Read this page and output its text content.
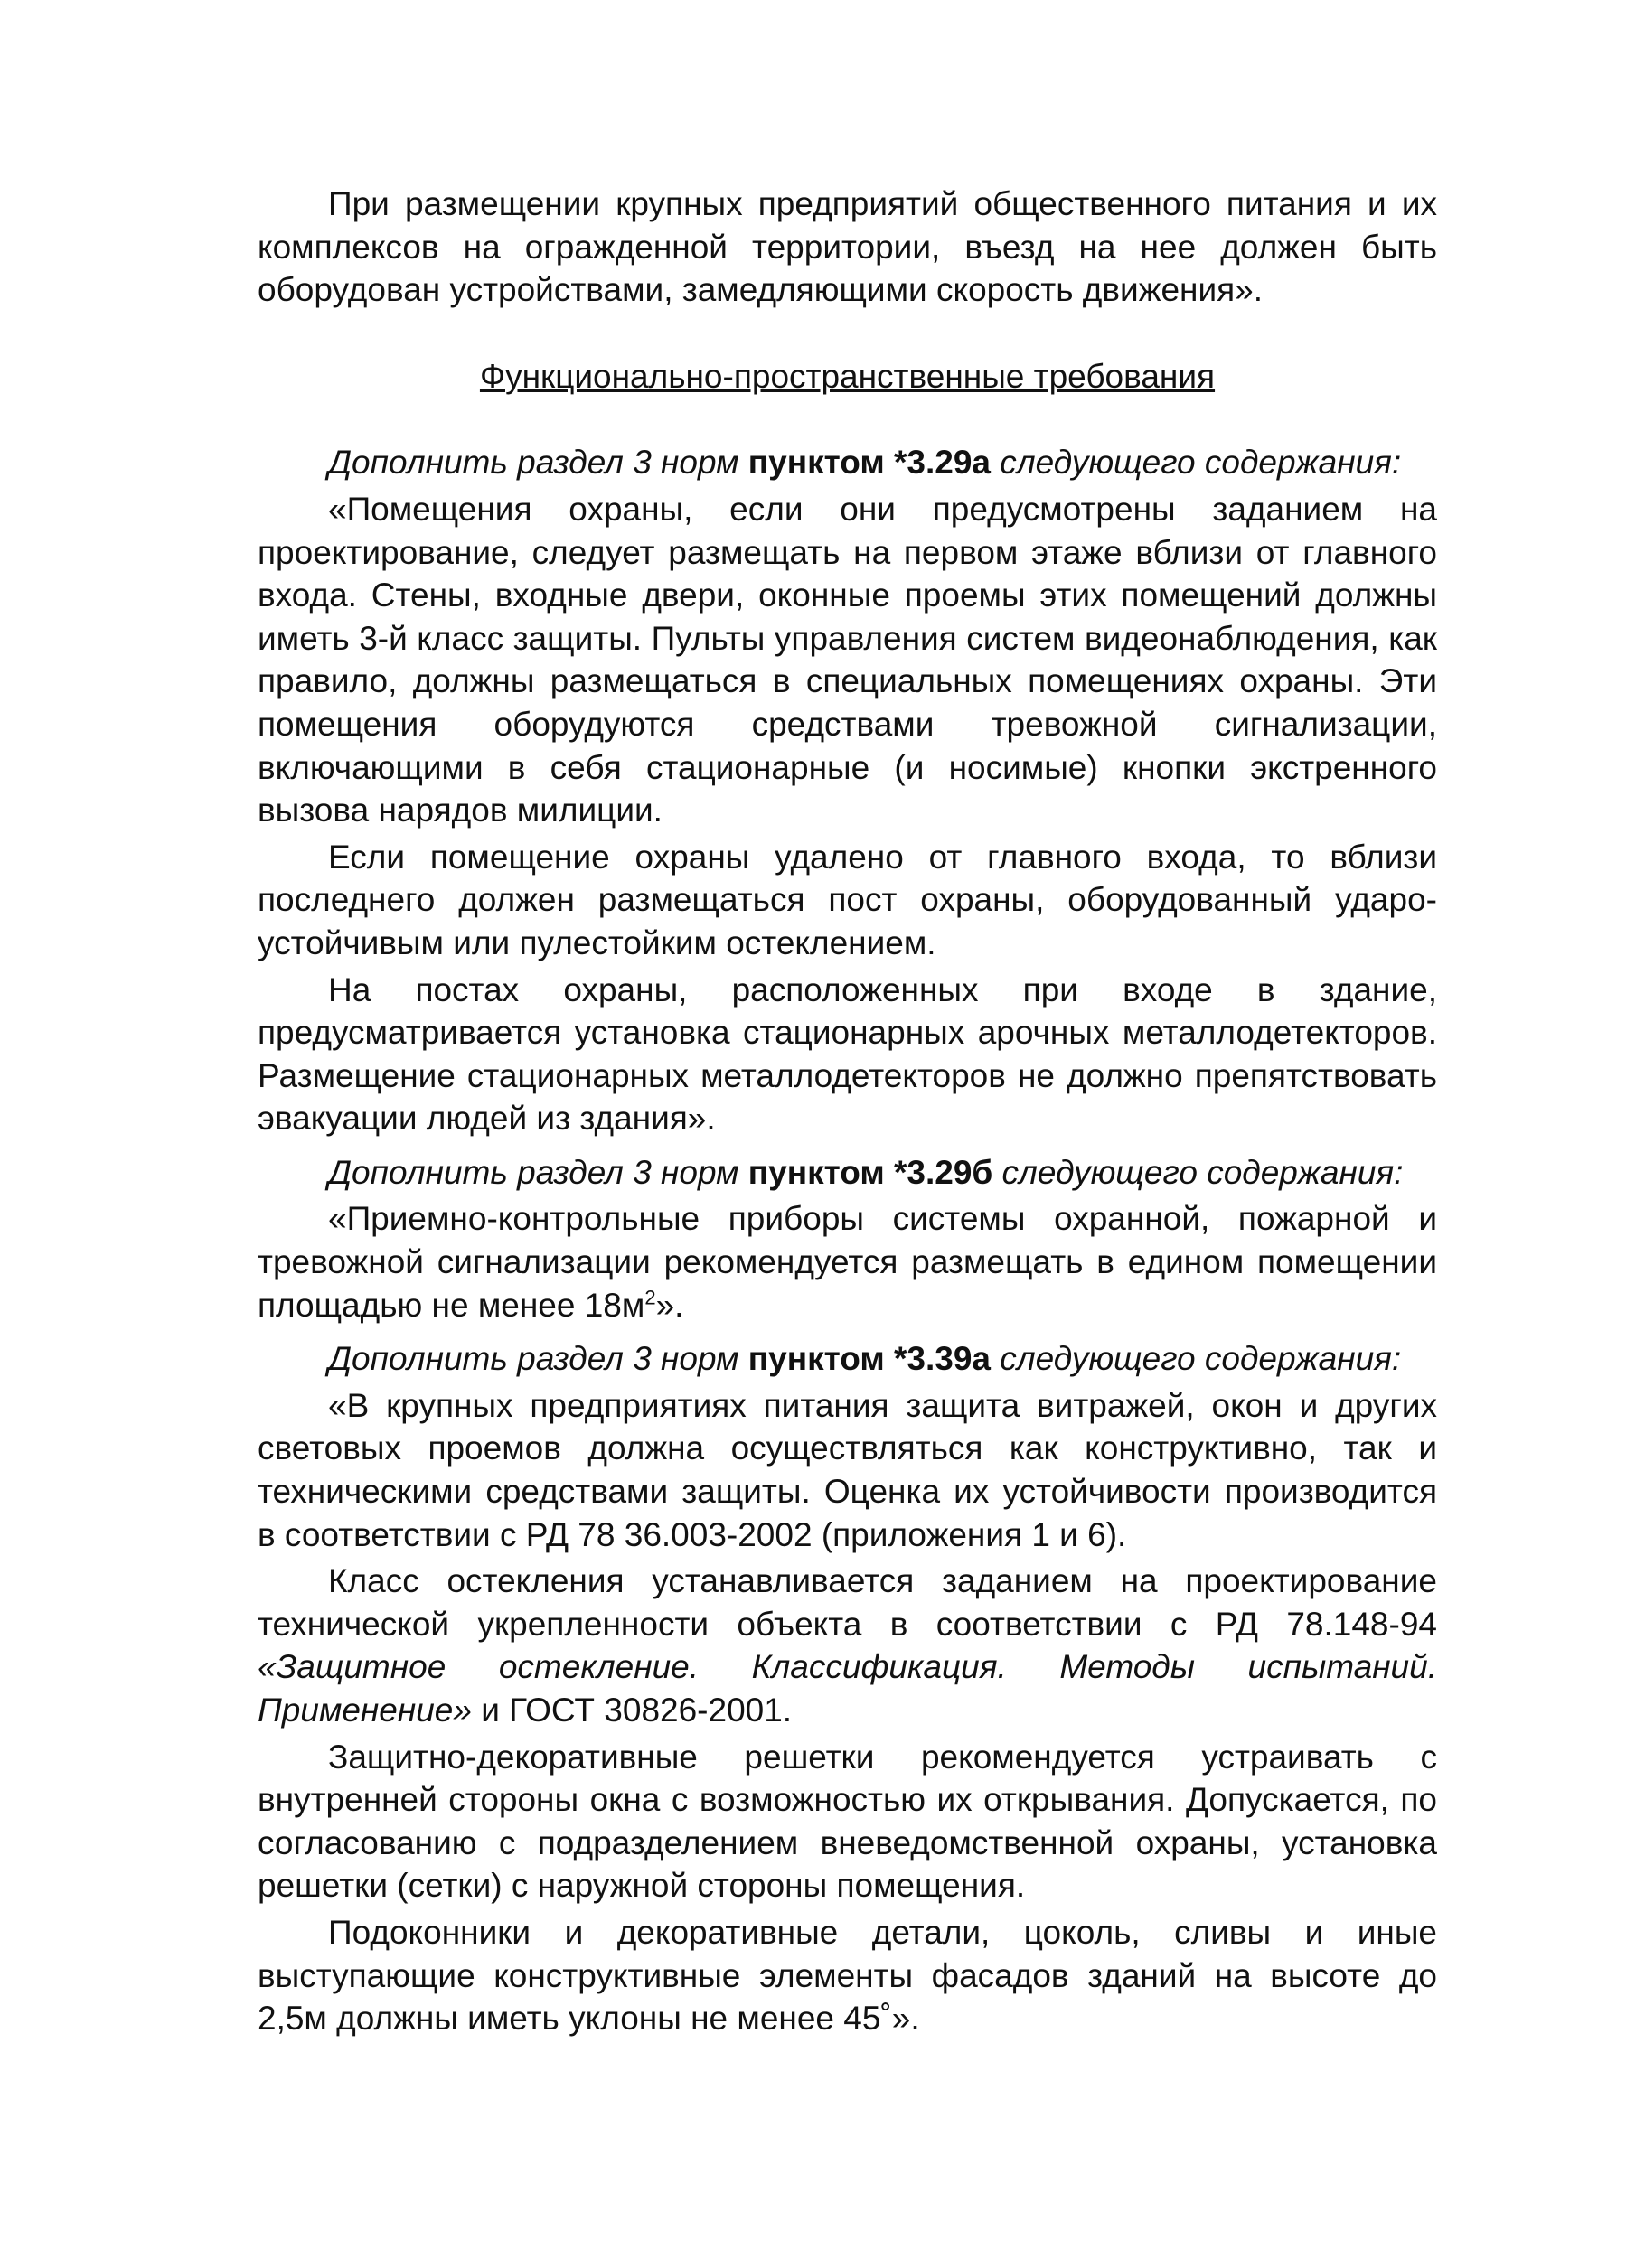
При размещении крупных предприятий общественного питания и их комплексов на огражденной территории, въезд на нее должен быть оборудован устройствами, замедляющими скорость движения».

Функционально-пространственные требования

Дополнить раздел 3 норм пунктом *3.29а следующего содержания:

«Помещения охраны, если они предусмотрены заданием на проектирование, следует размещать на первом этаже вблизи от главного входа. Стены, входные двери, оконные проемы этих помещений должны иметь 3-й класс защиты. Пульты управления систем видеонаблюдения, как правило, должны размещаться в специальных помещениях охраны. Эти помещения оборудуются средствами тревожной сигнализации, включающими в себя стационарные (и носимые) кнопки экстренного вызова нарядов милиции.

Если помещение охраны удалено от главного входа, то вблизи последнего должен размещаться пост охраны, оборудованный удароустойчивым или пулестойким остеклением.

На постах охраны, расположенных при входе в здание, предусматривается установка стационарных арочных металлодетекторов. Размещение стационарных металлодетекторов не должно препятствовать эвакуации людей из здания».

Дополнить раздел 3 норм пунктом *3.29б следующего содержания:

«Приемно-контрольные приборы системы охранной, пожарной и тревожной сигнализации рекомендуется размещать в едином помещении площадью не менее $18м^2$».

Дополнить раздел 3 норм пунктом *3.39а следующего содержания:

«В крупных предприятиях питания защита витражей, окон и других световых проемов должна осуществляться как конструктивно, так и техническими средствами защиты. Оценка их устойчивости производится в соответствии с РД 78 36.003-2002 (приложения 1 и 6).

Класс остекления устанавливается заданием на проектирование технической укрепленности объекта в соответствии с РД 78.148-94 «Защитное остекление. Классификация. Методы испытаний. Применение» и ГОСТ 30826-2001.

Защитно-декоративные решетки рекомендуется устраивать с внутренней стороны окна с возможностью их открывания. Допускается, по согласованию с подразделением вневедомственной охраны, установка решетки (сетки) с наружной стороны помещения.

Подоконники и декоративные детали, цоколь, сливы и иные выступающие конструктивные элементы фасадов зданий на высоте до 2,5м должны иметь уклоны не менее 45˚».
